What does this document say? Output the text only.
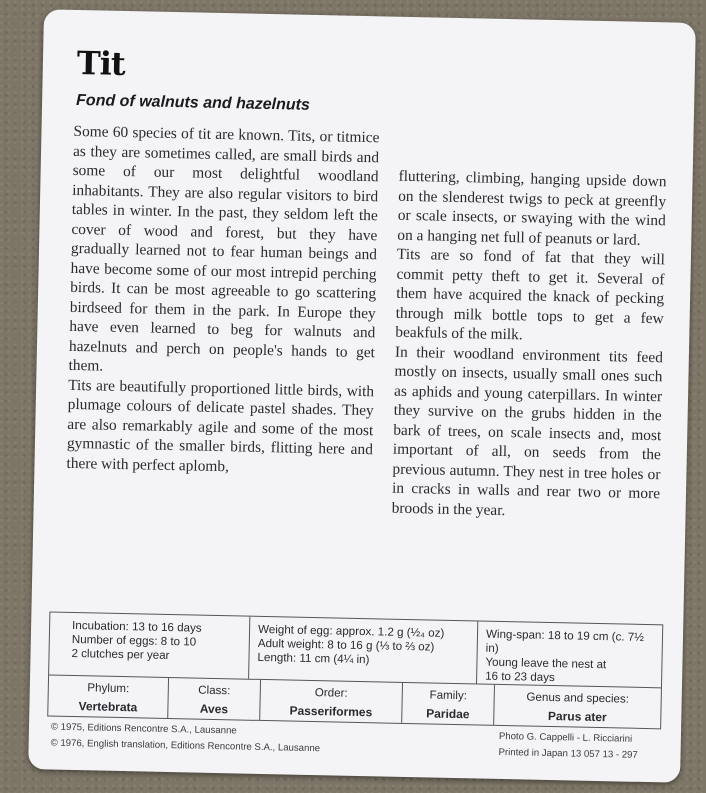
Tit
Fond of walnuts and hazelnuts

Some 60 species of tit are known. Tits, or titmice as they are sometimes called, are small birds and some of our most delightful woodland inhabitants. They are also regular visitors to bird tables in winter. In the past, they seldom left the cover of wood and forest, but they have gradually learned not to fear human beings and have become some of our most intrepid perching birds. It can be most agreeable to go scattering birdseed for them in the park. In Europe they have even learned to beg for walnuts and hazelnuts and perch on people's hands to get them.

Tits are beautifully proportioned little birds, with plumage colours of delicate pastel shades. They are also remarkably agile and some of the most gymnastic of the smaller birds, flitting here and there with perfect aplomb,

fluttering, climbing, hanging upside down on the slenderest twigs to peck at greenfly or scale insects, or swaying with the wind on a hanging net full of peanuts or lard.

Tits are so fond of fat that they will commit petty theft to get it. Several of them have acquired the knack of pecking through milk bottle tops to get a few beakfuls of the milk.

In their woodland environment tits feed mostly on insects, usually small ones such as aphids and young caterpillars. In winter they survive on the grubs hidden in the bark of trees, on scale insects and, most important of all, on seeds from the previous autumn. They nest in tree holes or in cracks in walls and rear two or more broods in the year.

Incubation: 13 to 16 days
Number of eggs: 8 to 10
2 clutches per year
Weight of egg: approx. 1.2 g (½₄ oz)
Adult weight: 8 to 16 g (⅓ to ⅔ oz)
Length: 11 cm (4¼ in)
Wing-span: 18 to 19 cm (c. 7½ in)
Young leave the nest at
16 to 23 days
Phylum:
Vertebrata
Class:
Aves
Order:
Passeriformes
Family:
Paridae
Genus and species:
Parus ater

© 1975, Editions Rencontre S.A., Lausanne

© 1976, English translation, Editions Rencontre S.A., Lausanne	Photo G. Cappelli - L. Ricciarini

Printed in Japan 13 057 13 - 297
